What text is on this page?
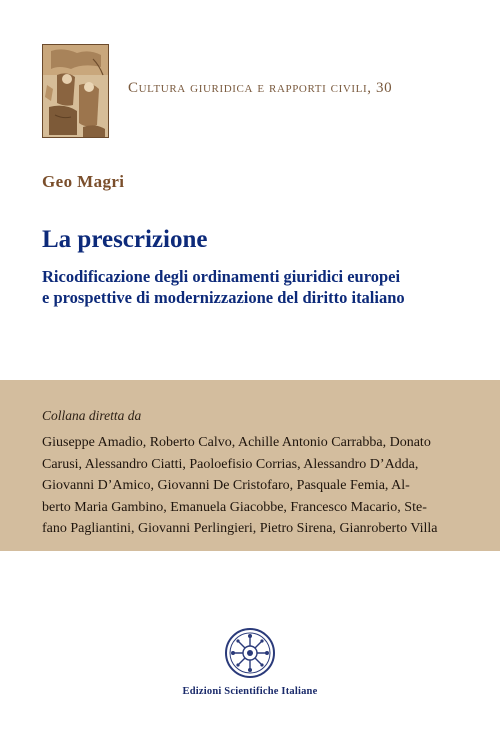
Cultura giuridica e rapporti civili, 30
Geo Magri
La prescrizione
Ricodificazione degli ordinamenti giuridici europei
e prospettive di modernizzazione del diritto italiano
Collana diretta da
Giuseppe Amadio, Roberto Calvo, Achille Antonio Carrabba, Donato
Carusi, Alessandro Ciatti, Paoloefisio Corrias, Alessandro D’Adda,
Giovanni D’Amico, Giovanni De Cristofaro, Pasquale Femia, Al-
berto Maria Gambino, Emanuela Giacobbe, Francesco Macario, Ste-
fano Pagliantini, Giovanni Perlingieri, Pietro Sirena, Gianroberto Villa
Edizioni Scientifiche Italiane
